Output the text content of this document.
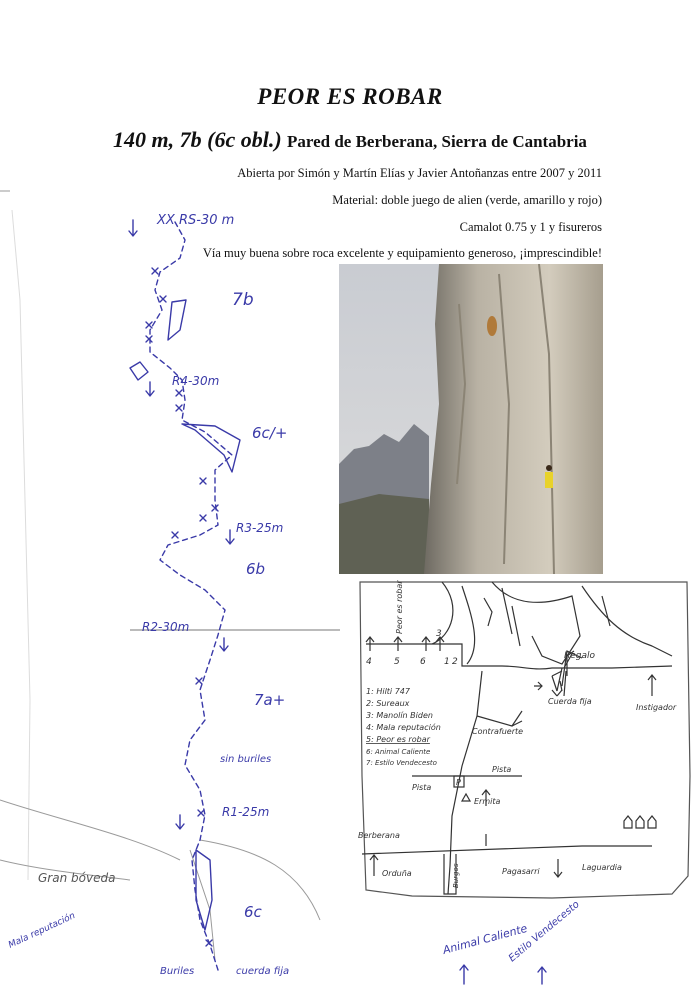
PEOR ES ROBAR
140 m, 7b (6c obl.) Pared de Berberana, Sierra de Cantabria
Abierta por Simón y Martín Elías y Javier Antoñanzas entre 2007 y 2011
Material: doble juego de alien (verde, amarillo y rojo)
Camalot 0.75 y 1 y fisureros
Vía muy buena sobre roca excelente y equipamiento generoso, ¡imprescindible!
XX RS-30 m
7b
R4-30m
6c/+
R3-25m
6b
R2-30m
7a+
sin buriles
R1-25m
6c
Gran bóveda
Mala reputación
Buriles	cuerda fija
4 5 6
3
1 2
Peor es robar
1: Hilti 747
2: Sureaux
3: Manolín Biden
4: Mala reputación
5: Peor es robar
6: Animal Caliente
7: Estilo Vendecesto
P
Regalo
Cuerda fija
Contrafuerte
Instigador
Pista
Pista
Ermita
Berberana
Orduña	Pagasarri
Burgos	Laguardia
Animal Caliente
Estilo Vendecesto
